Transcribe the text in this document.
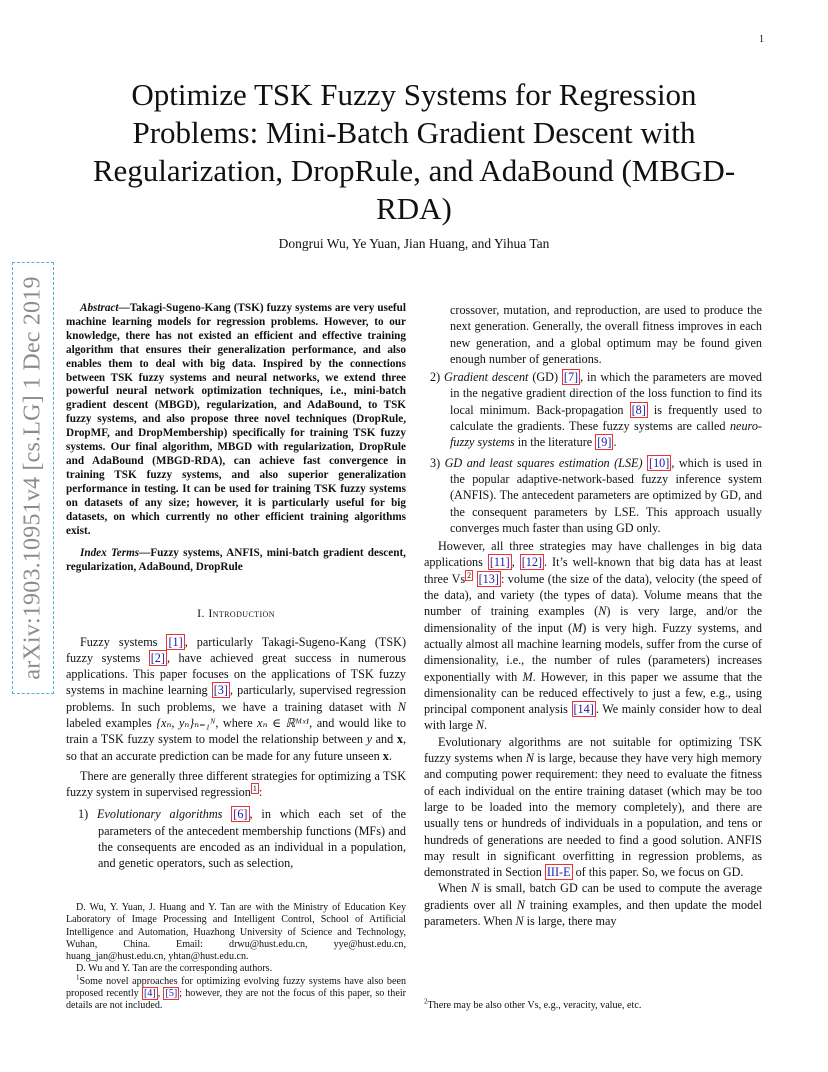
1
arXiv:1903.10951v4 [cs.LG] 1 Dec 2019
Optimize TSK Fuzzy Systems for Regression Problems: Mini-Batch Gradient Descent with Regularization, DropRule, and AdaBound (MBGD-RDA)
Dongrui Wu, Ye Yuan, Jian Huang, and Yihua Tan

Abstract—Takagi-Sugeno-Kang (TSK) fuzzy systems are very useful machine learning models for regression problems. However, to our knowledge, there has not existed an efficient and effective training algorithm that ensures their generalization performance, and also enables them to deal with big data. Inspired by the connections between TSK fuzzy systems and neural networks, we extend three powerful neural network optimization techniques, i.e., mini-batch gradient descent (MBGD), regularization, and AdaBound, to TSK fuzzy systems, and also propose three novel techniques (DropRule, DropMF, and DropMembership) specifically for training TSK fuzzy systems. Our final algorithm, MBGD with regularization, DropRule and AdaBound (MBGD-RDA), can achieve fast convergence in training TSK fuzzy systems, and also superior generalization performance in testing. It can be used for training TSK fuzzy systems on datasets of any size; however, it is particularly useful for big datasets, on which currently no other efficient training algorithms exist.

Index Terms—Fuzzy systems, ANFIS, mini-batch gradient descent, regularization, AdaBound, DropRule

I. Introduction

Fuzzy systems [1] , particularly Takagi-Sugeno-Kang (TSK) fuzzy systems [2] , have achieved great success in numerous applications. This paper focuses on the applications of TSK fuzzy systems in machine learning [3] , particularly, supervised regression problems. In such problems, we have a training dataset with N labeled examples {xₙ, yₙ}ₙ₌₁ᴺ, where xₙ ∈ ℝᴹˣ¹, and would like to train a TSK fuzzy system to model the relationship between y and x, so that an accurate prediction can be made for any future unseen x.

There are generally three different strategies for optimizing a TSK fuzzy system in supervised regression $^1$ :

1) Evolutionary algorithms [6] , in which each set of the parameters of the antecedent membership functions (MFs) and the consequents are encoded as an individual in a population, and genetic operators, such as selection,

D. Wu, Y. Yuan, J. Huang and Y. Tan are with the Ministry of Education Key Laboratory of Image Processing and Intelligent Control, School of Artificial Intelligence and Automation, Huazhong University of Science and Technology, Wuhan, China. Email: drwu@hust.edu.cn, yye@hust.edu.cn, huang_jan@hust.edu.cn, yhtan@hust.edu.cn.

D. Wu and Y. Tan are the corresponding authors.

$^1$Some novel approaches for optimizing evolving fuzzy systems have also been proposed recently [4] , [5] ; however, they are not the focus of this paper, so their details are not included.

crossover, mutation, and reproduction, are used to produce the next generation. Generally, the overall fitness improves in each new generation, and a global optimum may be found given enough number of generations.

2) Gradient descent (GD) [7] , in which the parameters are moved in the negative gradient direction of the loss function to find its local minimum. Back-propagation [8] is frequently used to calculate the gradients. These fuzzy systems are called neuro-fuzzy systems in the literature [9] .
3) GD and least squares estimation (LSE) [10] , which is used in the popular adaptive-network-based fuzzy inference system (ANFIS). The antecedent parameters are optimized by GD, and the consequent parameters by LSE. This approach usually converges much faster than using GD only.

However, all three strategies may have challenges in big data applications [11] , [12] . It’s well-known that big data has at least three Vs $^2$ [13] : volume (the size of the data), velocity (the speed of the data), and variety (the types of data). Volume means that the number of training examples (N) is very large, and/or the dimensionality of the input (M) is very high. Fuzzy systems, and actually almost all machine learning models, suffer from the curse of dimensionality, i.e., the number of rules (parameters) increases exponentially with M. However, in this paper we assume that the dimensionality can be reduced effectively to just a few, e.g., using principal component analysis [14] . We mainly consider how to deal with large N.

Evolutionary algorithms are not suitable for optimizing TSK fuzzy systems when N is large, because they have very high memory and computing power requirement: they need to evaluate the fitness of each individual on the entire training dataset (which may be too large to be loaded into the memory completely), and there are usually tens or hundreds of individuals in a population, and tens or hundreds of generations are needed to find a good solution. ANFIS may result in significant overfitting in regression problems, as demonstrated in Section III-E of this paper. So, we focus on GD.

When N is small, batch GD can be used to compute the average gradients over all N training examples, and then update the model parameters. When N is large, there may

$^2$There may be also other Vs, e.g., veracity, value, etc.
